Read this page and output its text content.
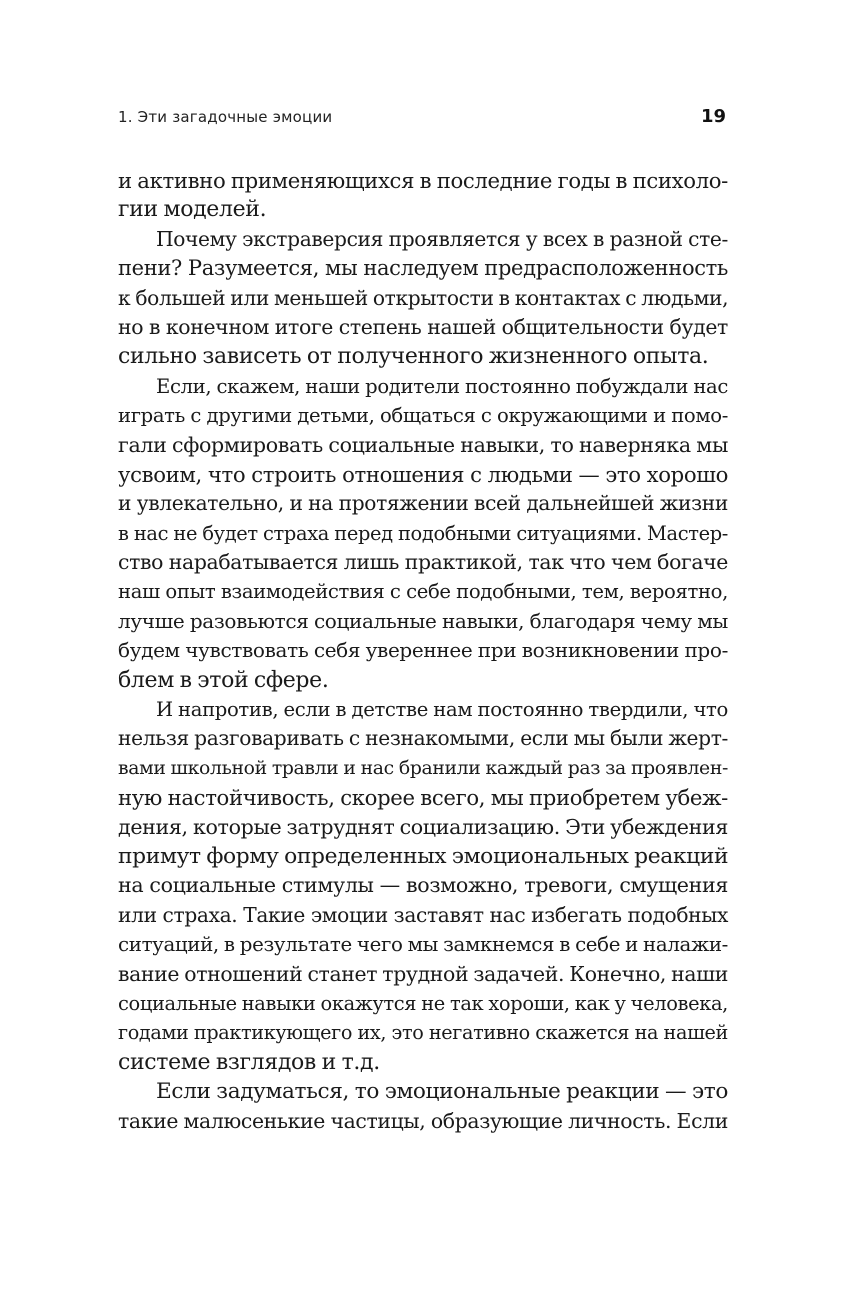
1. Эти загадочные эмоции	19
и активно применяющихся в последние годы в психоло-
гии моделей.
Почему экстраверсия проявляется у всех в разной сте-
пени? Разумеется, мы наследуем предрасположенность
к большей или меньшей открытости в контактах с людьми,
но в конечном итоге степень нашей общительности будет
сильно зависеть от полученного жизненного опыта.
Если, скажем, наши родители постоянно побуждали нас
играть с другими детьми, общаться с окружающими и помо-
гали сформировать социальные навыки, то наверняка мы
усвоим, что строить отношения с людьми — это хорошо
и увлекательно, и на протяжении всей дальнейшей жизни
в нас не будет страха перед подобными ситуациями. Мастер-
ство нарабатывается лишь практикой, так что чем богаче
наш опыт взаимодействия с себе подобными, тем, вероятно,
лучше разовьются социальные навыки, благодаря чему мы
будем чувствовать себя увереннее при возникновении про-
блем в этой сфере.
И напротив, если в детстве нам постоянно твердили, что
нельзя разговаривать с незнакомыми, если мы были жерт-
вами школьной травли и нас бранили каждый раз за проявлен-
ную настойчивость, скорее всего, мы приобретем убеж-
дения, которые затруднят социализацию. Эти убеждения
примут форму определенных эмоциональных реакций
на социальные стимулы — возможно, тревоги, смущения
или страха. Такие эмоции заставят нас избегать подобных
ситуаций, в результате чего мы замкнемся в себе и налажи-
вание отношений станет трудной задачей. Конечно, наши
социальные навыки окажутся не так хороши, как у человека,
годами практикующего их, это негативно скажется на нашей
системе взглядов и т.д.
Если задуматься, то эмоциональные реакции — это
такие малюсенькие частицы, образующие личность. Если
